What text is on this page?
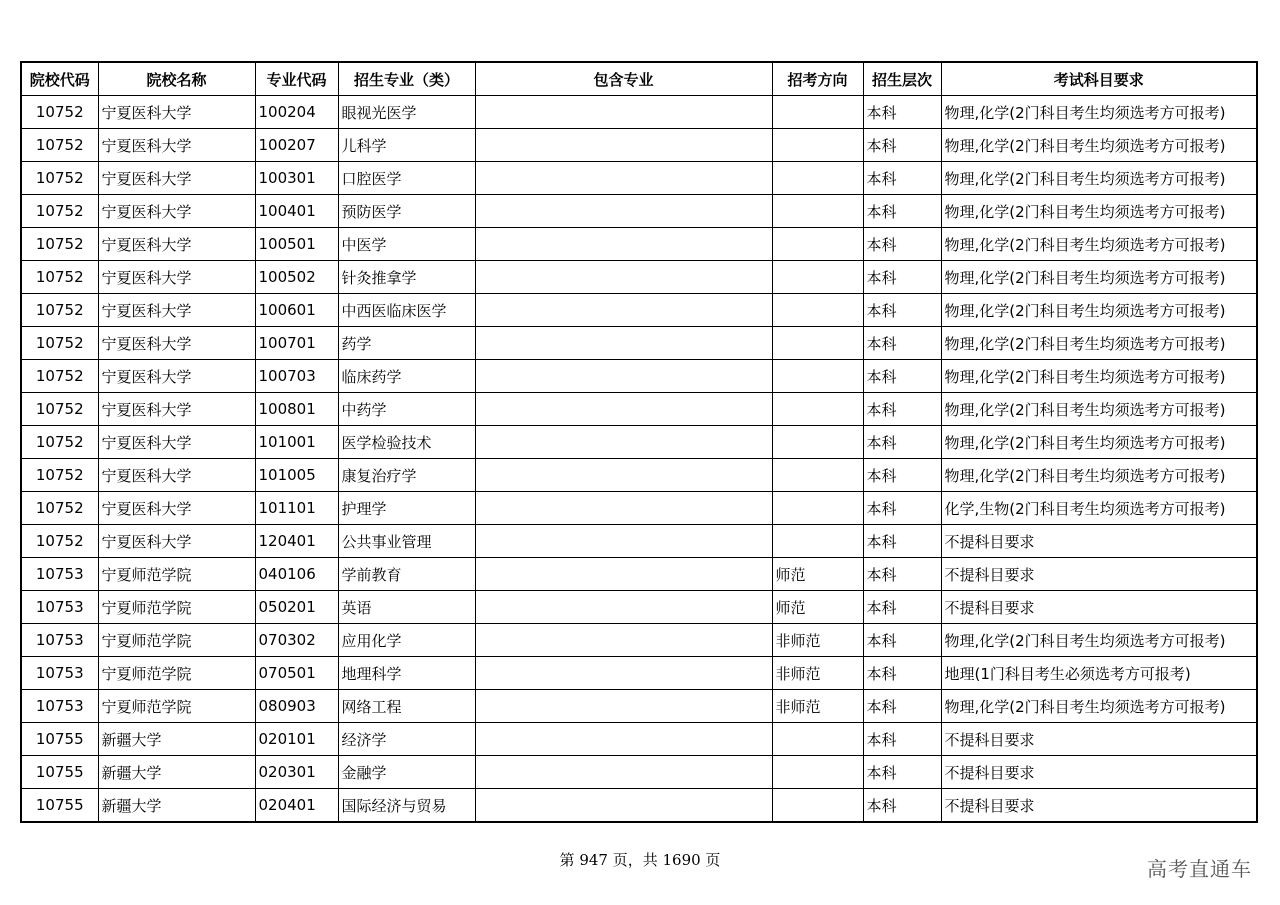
院校代码	院校名称	专业代码	招生专业（类）	包含专业	招考方向	招生层次	考试科目要求
10752	宁夏医科大学	100204	眼视光医学			本科	物理,化学(2门科目考生均须选考方可报考)
10752	宁夏医科大学	100207	儿科学			本科	物理,化学(2门科目考生均须选考方可报考)
10752	宁夏医科大学	100301	口腔医学			本科	物理,化学(2门科目考生均须选考方可报考)
10752	宁夏医科大学	100401	预防医学			本科	物理,化学(2门科目考生均须选考方可报考)
10752	宁夏医科大学	100501	中医学			本科	物理,化学(2门科目考生均须选考方可报考)
10752	宁夏医科大学	100502	针灸推拿学			本科	物理,化学(2门科目考生均须选考方可报考)
10752	宁夏医科大学	100601	中西医临床医学			本科	物理,化学(2门科目考生均须选考方可报考)
10752	宁夏医科大学	100701	药学			本科	物理,化学(2门科目考生均须选考方可报考)
10752	宁夏医科大学	100703	临床药学			本科	物理,化学(2门科目考生均须选考方可报考)
10752	宁夏医科大学	100801	中药学			本科	物理,化学(2门科目考生均须选考方可报考)
10752	宁夏医科大学	101001	医学检验技术			本科	物理,化学(2门科目考生均须选考方可报考)
10752	宁夏医科大学	101005	康复治疗学			本科	物理,化学(2门科目考生均须选考方可报考)
10752	宁夏医科大学	101101	护理学			本科	化学,生物(2门科目考生均须选考方可报考)
10752	宁夏医科大学	120401	公共事业管理			本科	不提科目要求
10753	宁夏师范学院	040106	学前教育		师范	本科	不提科目要求
10753	宁夏师范学院	050201	英语		师范	本科	不提科目要求
10753	宁夏师范学院	070302	应用化学		非师范	本科	物理,化学(2门科目考生均须选考方可报考)
10753	宁夏师范学院	070501	地理科学		非师范	本科	地理(1门科目考生必须选考方可报考)
10753	宁夏师范学院	080903	网络工程		非师范	本科	物理,化学(2门科目考生均须选考方可报考)
10755	新疆大学	020101	经济学			本科	不提科目要求
10755	新疆大学	020301	金融学			本科	不提科目要求
10755	新疆大学	020401	国际经济与贸易			本科	不提科目要求
第 947 页，共 1690 页	高考直通车
